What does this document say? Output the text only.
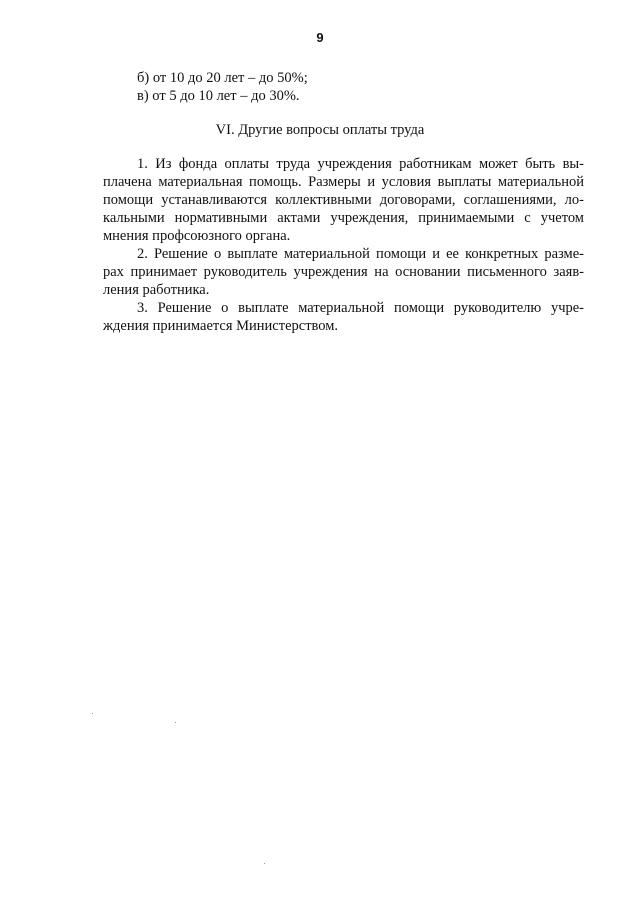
9
б) от 10 до 20 лет – до 50%;
в) от 5 до 10 лет – до 30%.
VI. Другие вопросы оплаты труда
1. Из фонда оплаты труда учреждения работникам может быть вы-
плачена материальная помощь. Размеры и условия выплаты материальной
помощи устанавливаются коллективными договорами, соглашениями, ло-
кальными нормативными актами учреждения, принимаемыми с учетом
мнения профсоюзного органа.
2. Решение о выплате материальной помощи и ее конкретных разме-
рах принимает руководитель учреждения на основании письменного заяв-
ления работника.
3. Решение о выплате материальной помощи руководителю учре-
ждения принимается Министерством.
